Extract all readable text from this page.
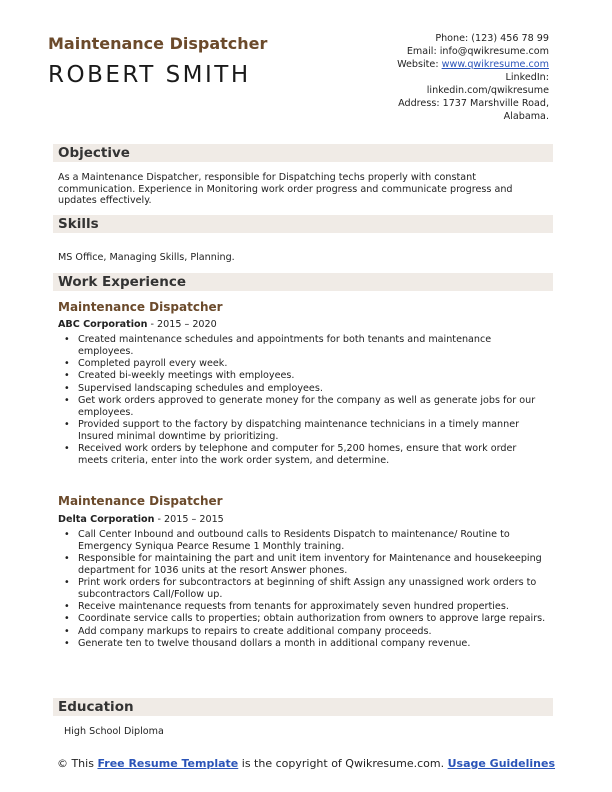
Maintenance Dispatcher
ROBERT SMITH
Phone: (123) 456 78 99
Email: info@qwikresume.com
Website: www.qwikresume.com
LinkedIn:
linkedin.com/qwikresume
Address: 1737 Marshville Road,
Alabama.
Objective
As a Maintenance Dispatcher, responsible for Dispatching techs properly with constant communication. Experience in Monitoring work order progress and communicate progress and updates effectively.
Skills
MS Office, Managing Skills, Planning.
Work Experience
Maintenance Dispatcher
ABC Corporation - 2015 – 2020
• Created maintenance schedules and appointments for both tenants and maintenance employees.
• Completed payroll every week.
• Created bi-weekly meetings with employees.
• Supervised landscaping schedules and employees.
• Get work orders approved to generate money for the company as well as generate jobs for our employees.
• Provided support to the factory by dispatching maintenance technicians in a timely manner Insured minimal downtime by prioritizing.
• Received work orders by telephone and computer for 5,200 homes, ensure that work order meets criteria, enter into the work order system, and determine.
Maintenance Dispatcher
Delta Corporation - 2015 – 2015
• Call Center Inbound and outbound calls to Residents Dispatch to maintenance/ Routine to Emergency Syniqua Pearce Resume 1 Monthly training.
• Responsible for maintaining the part and unit item inventory for Maintenance and housekeeping department for 1036 units at the resort Answer phones.
• Print work orders for subcontractors at beginning of shift Assign any unassigned work orders to subcontractors Call/Follow up.
• Receive maintenance requests from tenants for approximately seven hundred properties.
• Coordinate service calls to properties; obtain authorization from owners to approve large repairs.
• Add company markups to repairs to create additional company proceeds.
• Generate ten to twelve thousand dollars a month in additional company revenue.
Education
High School Diploma
© This Free Resume Template is the copyright of Qwikresume.com. Usage Guidelines
